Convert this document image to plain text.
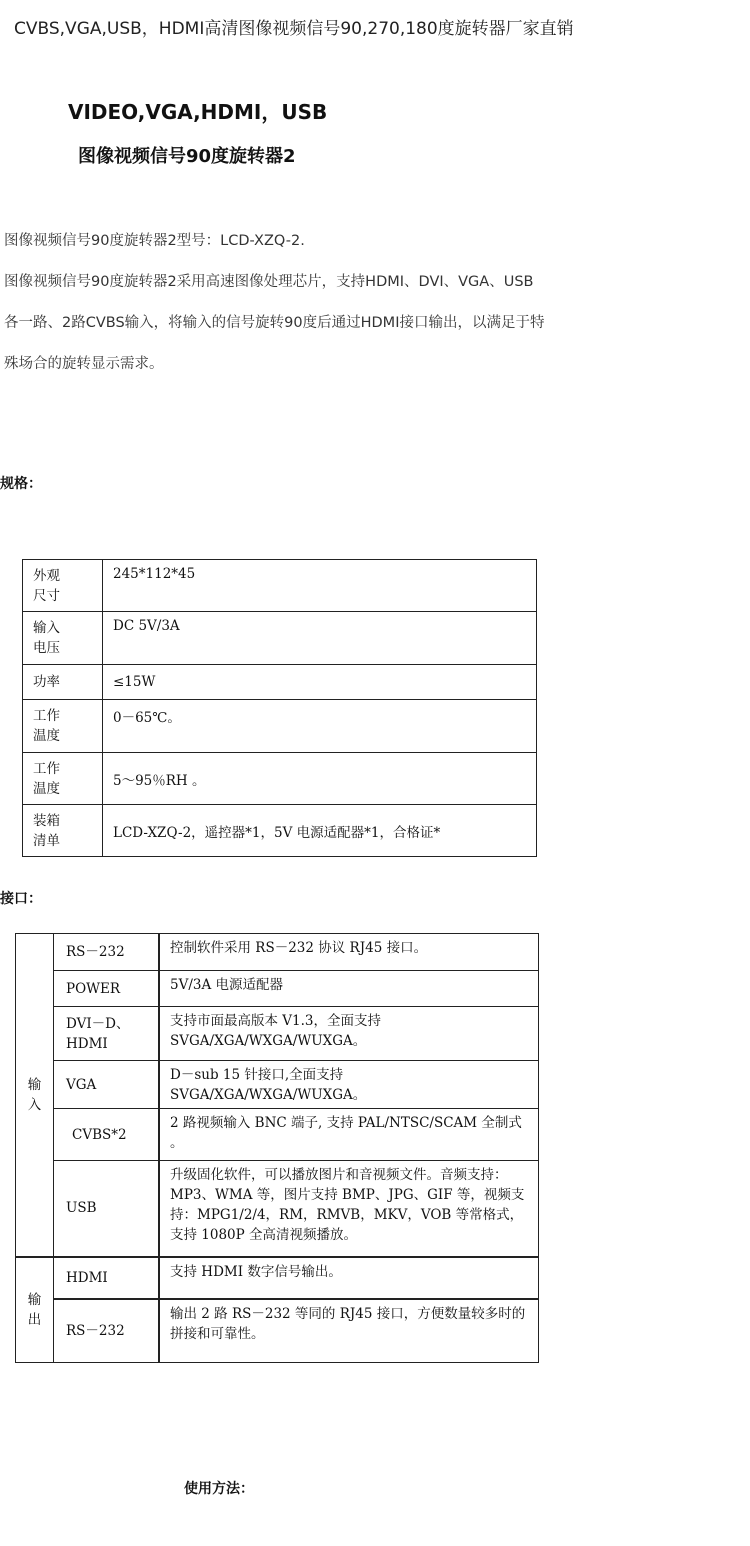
CVBS,VGA,USB，HDMI高清图像视频信号90,270,180度旋转器厂家直销
VIDEO,VGA,HDMI，USB
图像视频信号90度旋转器2
图像视频信号90度旋转器2型号：LCD-XZQ-2.
图像视频信号90度旋转器2采用高速图像处理芯片，支持HDMI、DVI、VGA、USB
各一路、2路CVBS输入，将输入的信号旋转90度后通过HDMI接口输出，以满足于特
殊场合的旋转显示需求。
规格：
外观
尺寸	245*112*45
输入
电压	DC 5V/3A
功率	≤15W
工作
温度	0－65℃。
工作
温度	5～95％RH 。
装箱
清单	LCD-XZQ-2，遥控器*1，5V 电源适配器*1，合格证*
接口：
输
入	RS－232	控制软件采用 RS－232 协议 RJ45 接口。
	POWER	5V/3A 电源适配器
	DVI－D、
HDMI	支持市面最高版本 V1.3，全面支持 SVGA/XGA/WXGA/WUXGA。
	VGA	D－sub 15 针接口,全面支持 SVGA/XGA/WXGA/WUXGA。
	CVBS*2	2 路视频输入 BNC 端子, 支持 PAL/NTSC/SCAM 全制式 。
	USB	升级固化软件，可以播放图片和音视频文件。音频支持：MP3、WMA 等，图片支持 BMP、JPG、GIF 等，视频支持：MPG1/2/4，RM，RMVB，MKV，VOB 等常格式，支持 1080P 全高清视频播放。
输
出	HDMI	支持 HDMI 数字信号输出。
	RS－232	输出 2 路 RS－232 等同的 RJ45 接口，方便数量较多时的拼接和可靠性。
使用方法：
